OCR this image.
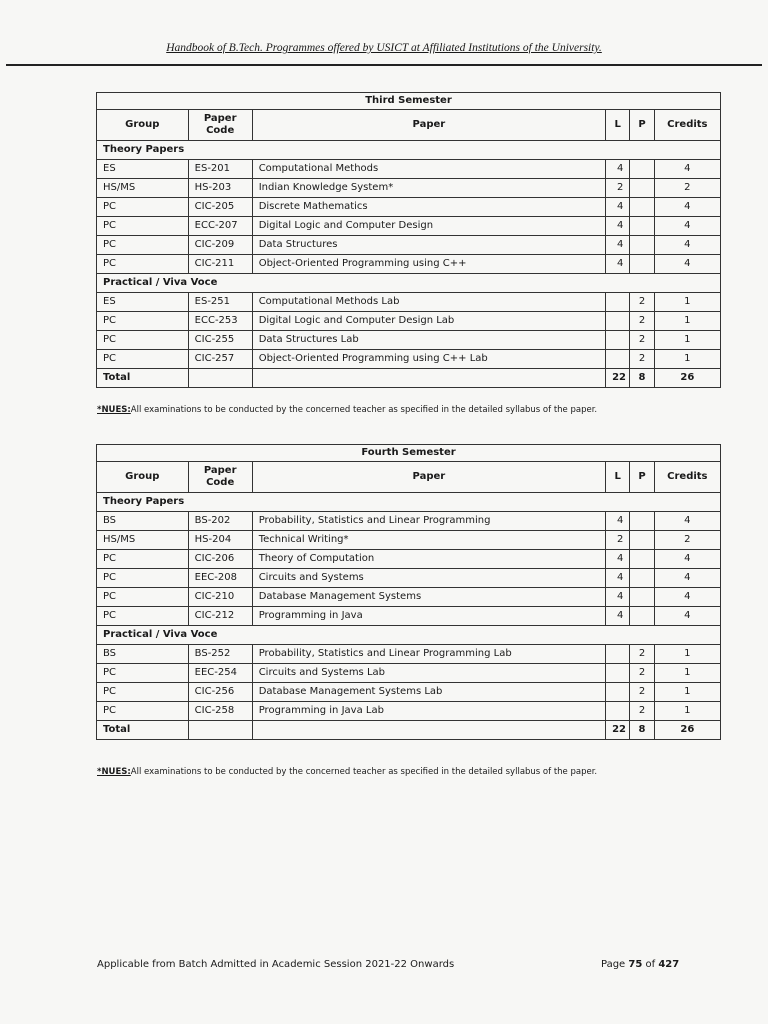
Handbook of B.Tech. Programmes offered by USICT at Affiliated Institutions of the University.
Third Semester					
Group	Paper Code	Paper	L	P	Credits
Theory Papers					
ES	ES-201	Computational Methods	4		4
HS/MS	HS-203	Indian Knowledge System*	2		2
PC	CIC-205	Discrete Mathematics	4		4
PC	ECC-207	Digital Logic and Computer Design	4		4
PC	CIC-209	Data Structures	4		4
PC	CIC-211	Object-Oriented Programming using C++	4		4
Practical / Viva Voce					
ES	ES-251	Computational Methods Lab		2	1
PC	ECC-253	Digital Logic and Computer Design Lab		2	1
PC	CIC-255	Data Structures Lab		2	1
PC	CIC-257	Object-Oriented Programming using C++ Lab		2	1
Total			22	8	26
*NUES:All examinations to be conducted by the concerned teacher as specified in the detailed syllabus of the paper.
Fourth Semester					
Group	Paper Code	Paper	L	P	Credits
Theory Papers					
BS	BS-202	Probability, Statistics and Linear Programming	4		4
HS/MS	HS-204	Technical Writing*	2		2
PC	CIC-206	Theory of Computation	4		4
PC	EEC-208	Circuits and Systems	4		4
PC	CIC-210	Database Management Systems	4		4
PC	CIC-212	Programming in Java	4		4
Practical / Viva Voce					
BS	BS-252	Probability, Statistics and Linear Programming Lab		2	1
PC	EEC-254	Circuits and Systems Lab		2	1
PC	CIC-256	Database Management Systems Lab		2	1
PC	CIC-258	Programming in Java Lab		2	1
Total			22	8	26
*NUES:All examinations to be conducted by the concerned teacher as specified in the detailed syllabus of the paper.
Applicable from Batch Admitted in Academic Session 2021-22 Onwards	Page 75 of 427
